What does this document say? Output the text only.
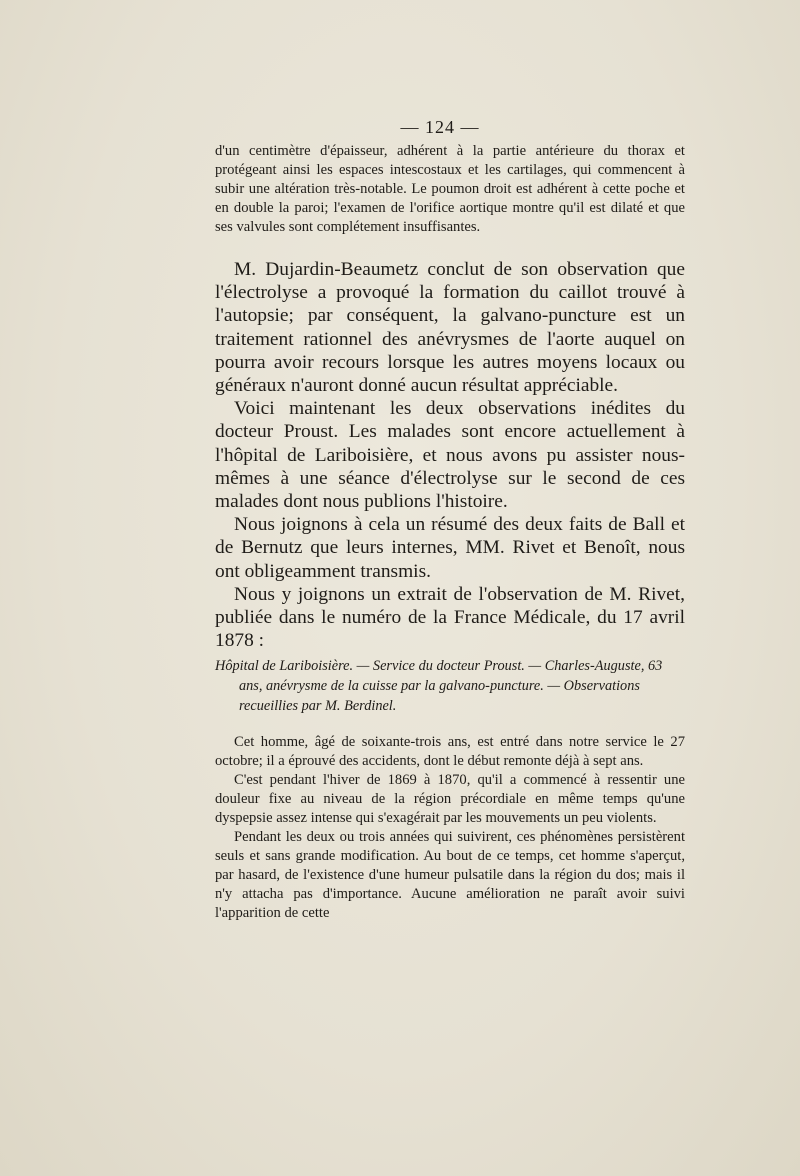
— 124 —

d'un centimètre d'épaisseur, adhérent à la partie antérieure du thorax et protégeant ainsi les espaces intescostaux et les cartilages, qui commencent à subir une altération très-notable. Le poumon droit est adhérent à cette poche et en double la paroi; l'examen de l'orifice aortique montre qu'il est dilaté et que ses valvules sont complétement insuffisantes.

M. Dujardin-Beaumetz conclut de son observation que l'électrolyse a provoqué la formation du caillot trouvé à l'autopsie; par conséquent, la galvano-puncture est un traitement rationnel des anévrysmes de l'aorte auquel on pourra avoir recours lorsque les autres moyens locaux ou généraux n'auront donné aucun résultat appréciable.

Voici maintenant les deux observations inédites du docteur Proust. Les malades sont encore actuellement à l'hôpital de Lariboisière, et nous avons pu assister nous-mêmes à une séance d'électrolyse sur le second de ces malades dont nous publions l'histoire.

Nous joignons à cela un résumé des deux faits de Ball et de Bernutz que leurs internes, MM. Rivet et Benoît, nous ont obligeamment transmis.

Nous y joignons un extrait de l'observation de M. Rivet, publiée dans le numéro de la France Médicale, du 17 avril 1878 :

Hôpital de Lariboisière. — Service du docteur Proust. — Charles-Auguste, 63 ans, anévrysme de la cuisse par la galvano-puncture. — Observations recueillies par M. Berdinel.

Cet homme, âgé de soixante-trois ans, est entré dans notre service le 27 octobre; il a éprouvé des accidents, dont le début remonte déjà à sept ans.

C'est pendant l'hiver de 1869 à 1870, qu'il a commencé à ressentir une douleur fixe au niveau de la région précordiale en même temps qu'une dyspepsie assez intense qui s'exagérait par les mouvements un peu violents.

Pendant les deux ou trois années qui suivirent, ces phénomènes persistèrent seuls et sans grande modification. Au bout de ce temps, cet homme s'aperçut, par hasard, de l'existence d'une humeur pulsatile dans la région du dos; mais il n'y attacha pas d'importance. Aucune amélioration ne paraît avoir suivi l'apparition de cette
